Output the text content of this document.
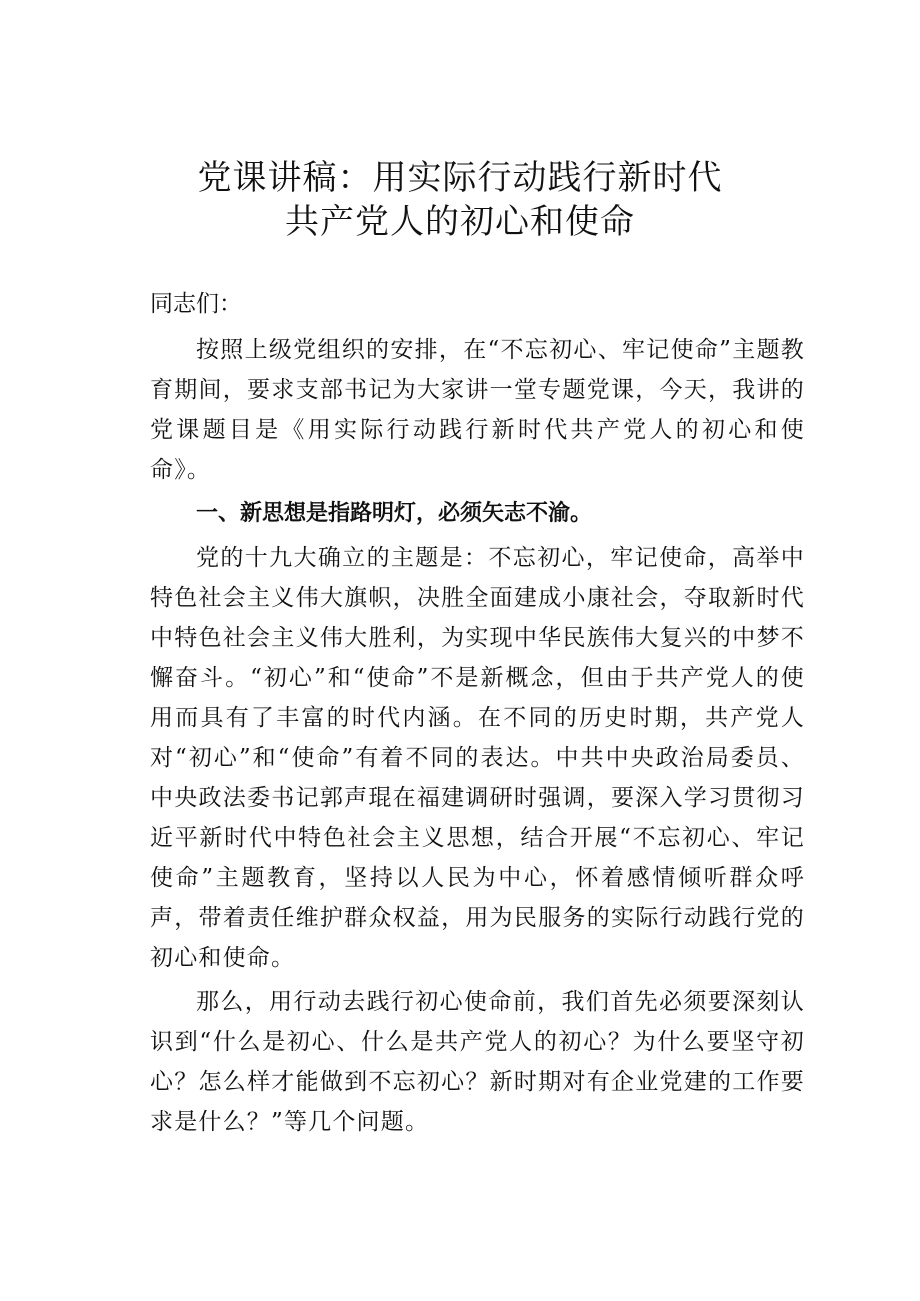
党课讲稿：用实际行动践行新时代
共产党人的初心和使命

同志们：

按照上级党组织的安排，在“不忘初心、牢记使命”主题教育期间，要求支部书记为大家讲一堂专题党课，今天，我讲的党课题目是《用实际行动践行新时代共产党人的初心和使命》。

一、新思想是指路明灯，必须矢志不渝。

党的十九大确立的主题是：不忘初心，牢记使命，高举中特色社会主义伟大旗帜，决胜全面建成小康社会，夺取新时代中特色社会主义伟大胜利，为实现中华民族伟大复兴的中梦不懈奋斗。“初心”和“使命”不是新概念，但由于共产党人的使用而具有了丰富的时代内涵。在不同的历史时期，共产党人对“初心”和“使命”有着不同的表达。中共中央政治局委员、中央政法委书记郭声琨在福建调研时强调，要深入学习贯彻习近平新时代中特色社会主义思想，结合开展“不忘初心、牢记使命”主题教育，坚持以人民为中心，怀着感情倾听群众呼声，带着责任维护群众权益，用为民服务的实际行动践行党的初心和使命。

那么，用行动去践行初心使命前，我们首先必须要深刻认识到“什么是初心、什么是共产党人的初心？为什么要坚守初心？怎么样才能做到不忘初心？新时期对有企业党建的工作要求是什么？”等几个问题。
